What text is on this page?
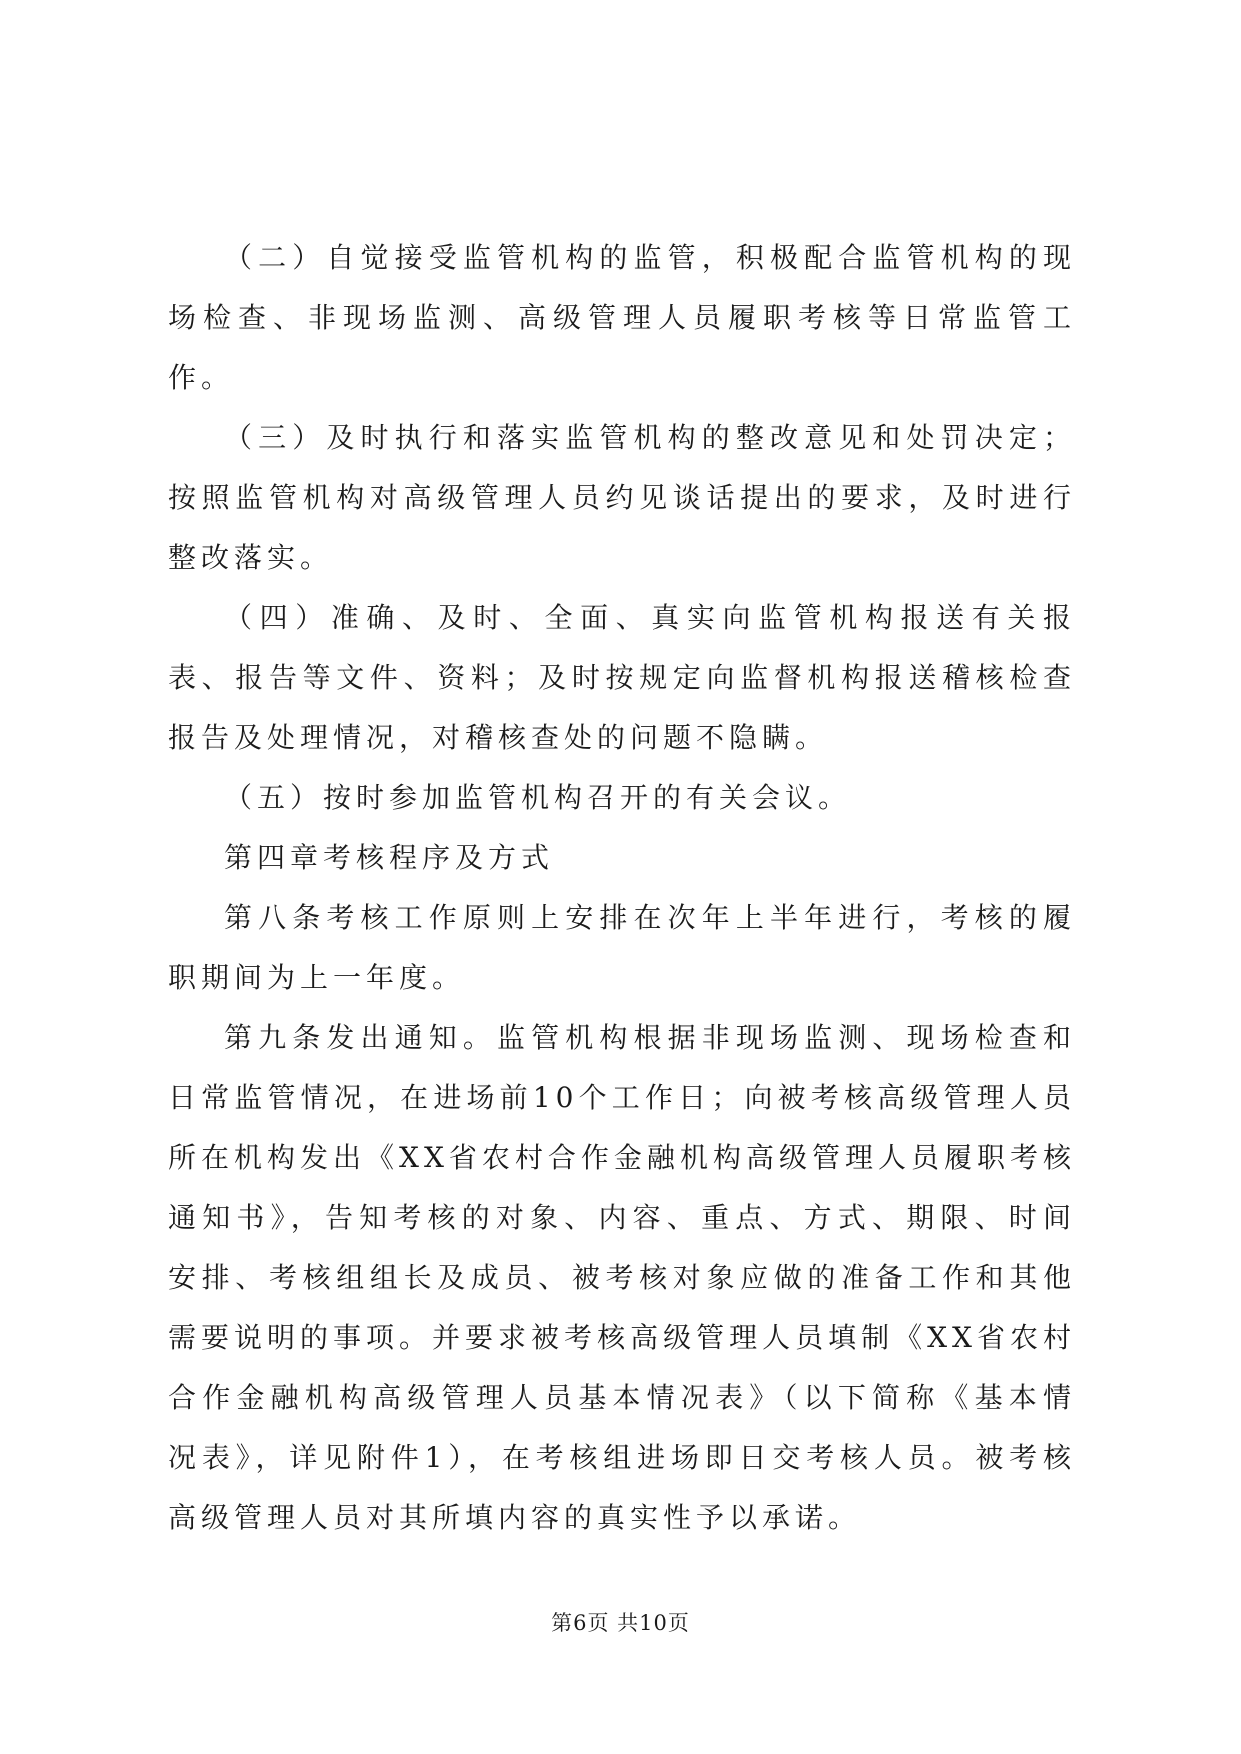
（二）自觉接受监管机构的监管，积极配合监管机构的现场检查、非现场监测、高级管理人员履职考核等日常监管工作。

（三）及时执行和落实监管机构的整改意见和处罚决定；按照监管机构对高级管理人员约见谈话提出的要求，及时进行整改落实。

（四）准确、及时、全面、真实向监管机构报送有关报表、报告等文件、资料；及时按规定向监督机构报送稽核检查报告及处理情况，对稽核查处的问题不隐瞒。

（五）按时参加监管机构召开的有关会议。

第四章考核程序及方式

第八条考核工作原则上安排在次年上半年进行，考核的履职期间为上一年度。

第九条发出通知。监管机构根据非现场监测、现场检查和日常监管情况，在进场前10个工作日；向被考核高级管理人员所在机构发出《XX省农村合作金融机构高级管理人员履职考核通知书》，告知考核的对象、内容、重点、方式、期限、时间安排、考核组组长及成员、被考核对象应做的准备工作和其他需要说明的事项。并要求被考核高级管理人员填制《XX省农村合作金融机构高级管理人员基本情况表》（以下简称《基本情况表》，详见附件1），在考核组进场即日交考核人员。被考核高级管理人员对其所填内容的真实性予以承诺。

第6页 共10页
